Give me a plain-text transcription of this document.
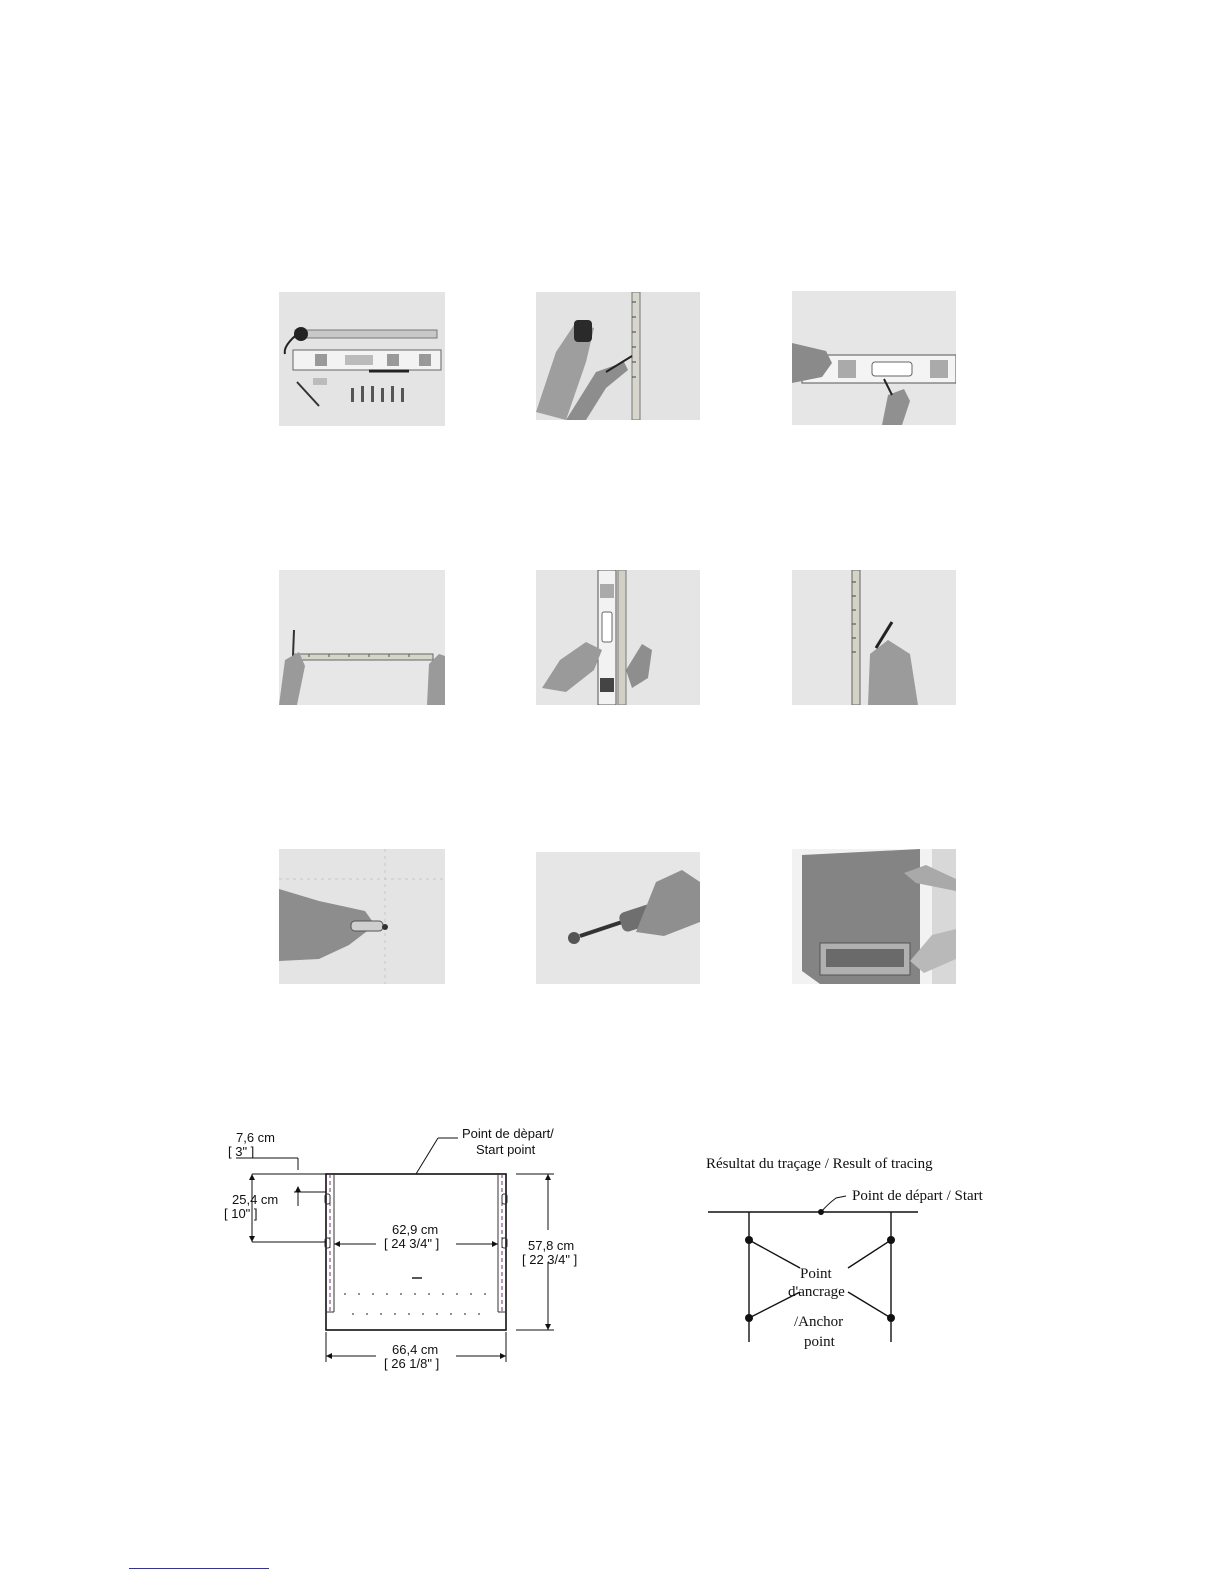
7,6 cm
[ 3" ]
Point de dèpart/
Start point
25,4 cm
[ 10" ]
62,9 cm
[ 24 3/4" ]	57,8 cm
[ 22 3/4" ]
66,4 cm
[ 26 1/8" ]
Résultat du traçage / Result of tracing
Point de départ / Start
Point
d'ancrage
/Anchor
point
